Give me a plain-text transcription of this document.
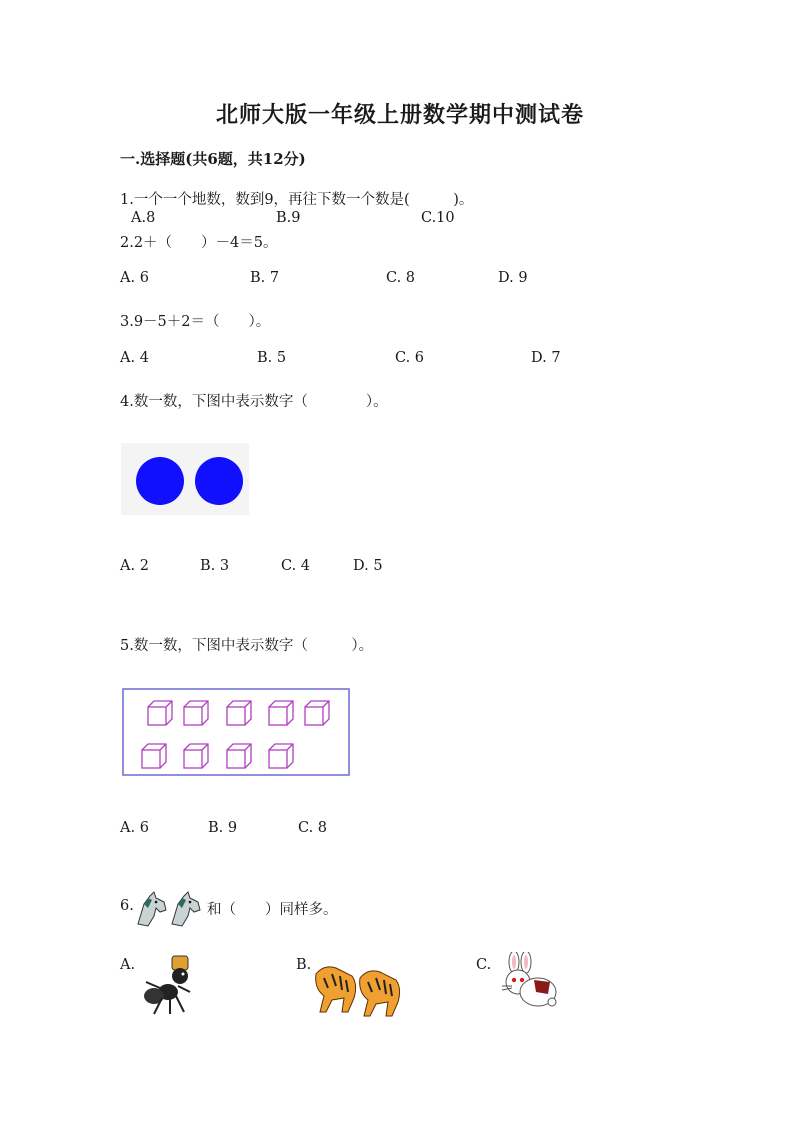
北师大版一年级上册数学期中测试卷
一.选择题(共6题，共12分)
1.一个一个地数，数到9，再往下数一个数是(　　　)。
A.8	B.9	C.10
2.2＋（　　）－4＝5。
A. 6	B. 7	C. 8	D. 9
3.9－5＋2＝（　　）。
A. 4	B. 5	C. 6	D. 7
4.数一数，下图中表示数字（　　　　）。
A. 2	B. 3	C. 4	D. 5
5.数一数，下图中表示数字（　　　）。
A. 6	B. 9	C. 8
6.	和（　　）同样多。
A.	B.	C.
